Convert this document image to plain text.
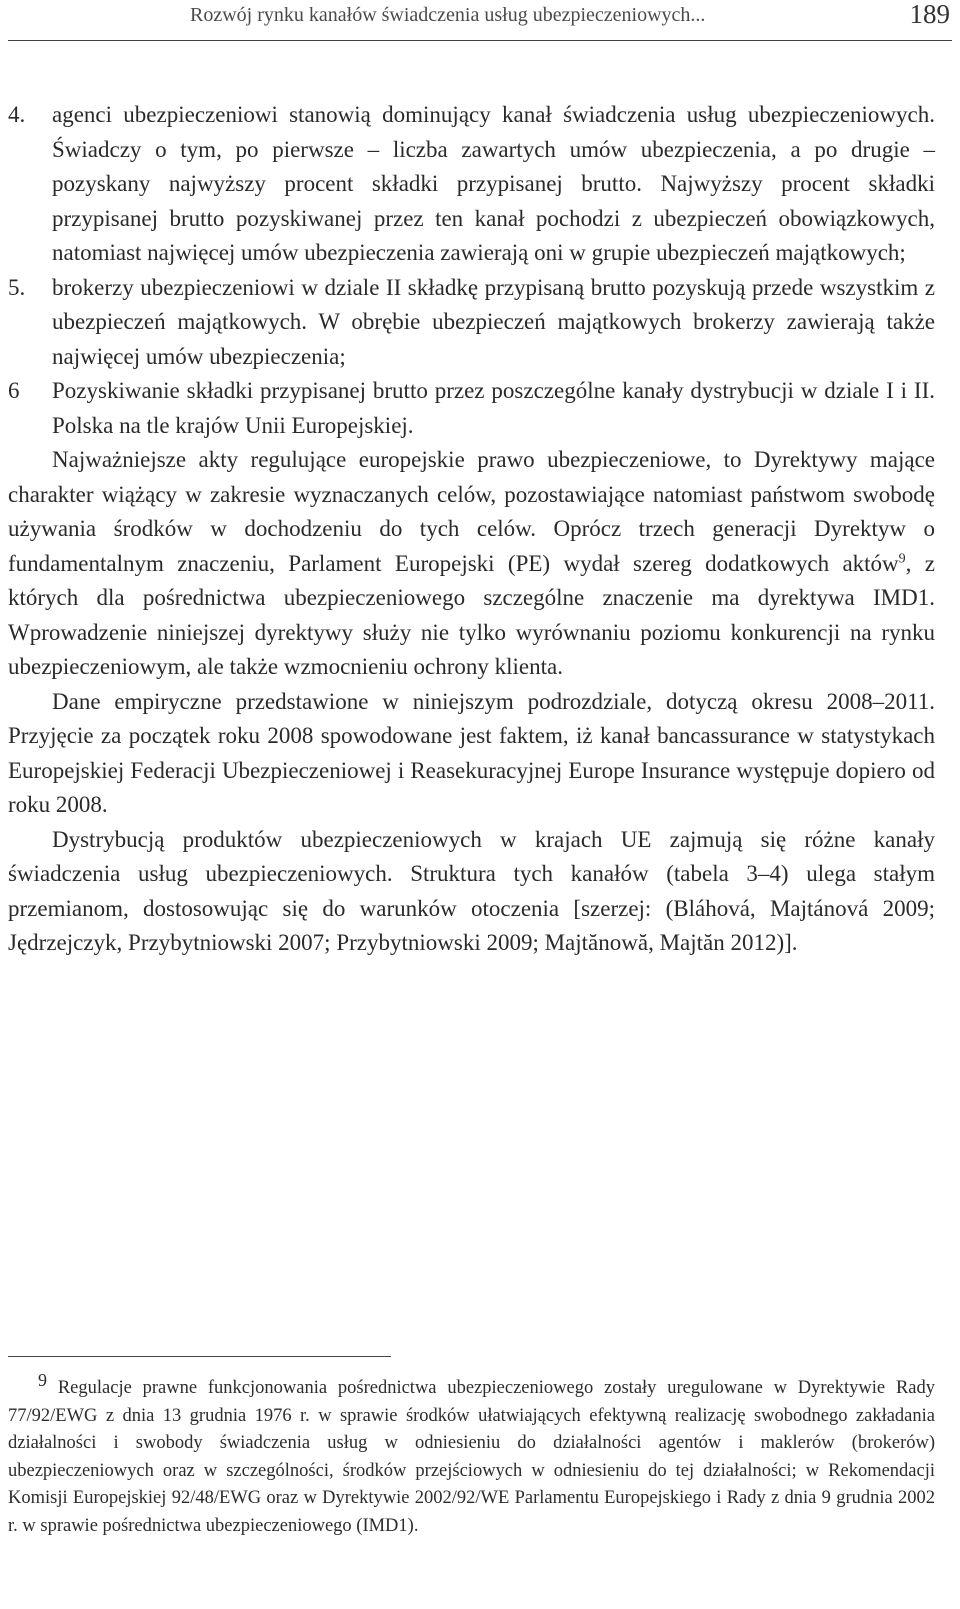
Rozwój rynku kanałów świadczenia usług ubezpieczeniowych...	189
4. agenci ubezpieczeniowi stanowią dominujący kanał świadczenia usług ubezpieczeniowych. Świadczy o tym, po pierwsze – liczba zawartych umów ubezpieczenia, a po drugie – pozyskany najwyższy procent składki przypisanej brutto. Najwyższy procent składki przypisanej brutto pozyskiwanej przez ten kanał pochodzi z ubezpieczeń obowiązkowych, natomiast najwięcej umów ubezpieczenia zawierają oni w grupie ubezpieczeń majątkowych;
5. brokerzy ubezpieczeniowi w dziale II składkę przypisaną brutto pozyskują przede wszystkim z ubezpieczeń majątkowych. W obrębie ubezpieczeń majątkowych brokerzy zawierają także najwięcej umów ubezpieczenia;
6 Pozyskiwanie składki przypisanej brutto przez poszczególne kanały dystrybucji w dziale I i II. Polska na tle krajów Unii Europejskiej.
Najważniejsze akty regulujące europejskie prawo ubezpieczeniowe, to Dyrektywy mające charakter wiążący w zakresie wyznaczanych celów, pozostawiające natomiast państwom swobodę używania środków w dochodzeniu do tych celów. Oprócz trzech generacji Dyrektyw o fundamentalnym znaczeniu, Parlament Europejski (PE) wydał szereg dodatkowych aktów$^9$, z których dla pośrednictwa ubezpieczeniowego szczególne znaczenie ma dyrektywa IMD1. Wprowadzenie niniejszej dyrektywy służy nie tylko wyrównaniu poziomu konkurencji na rynku ubezpieczeniowym, ale także wzmocnieniu ochrony klienta.
Dane empiryczne przedstawione w niniejszym podrozdziale, dotyczą okresu 2008–2011. Przyjęcie za początek roku 2008 spowodowane jest faktem, iż kanał bancassurance w statystykach Europejskiej Federacji Ubezpieczeniowej i Reasekuracyjnej Europe Insurance występuje dopiero od roku 2008.
Dystrybucją produktów ubezpieczeniowych w krajach UE zajmują się różne kanały świadczenia usług ubezpieczeniowych. Struktura tych kanałów (tabela 3–4) ulega stałym przemianom, dostosowując się do warunków otoczenia [szerzej: (Bláhová, Majtánová 2009; Jędrzejczyk, Przybytniowski 2007; Przybytniowski 2009; Majtănowă, Majtăn 2012)].
$^9$ Regulacje prawne funkcjonowania pośrednictwa ubezpieczeniowego zostały uregulowane w Dyrektywie Rady 77/92/EWG z dnia 13 grudnia 1976 r. w sprawie środków ułatwiających efektywną realizację swobodnego zakładania działalności i swobody świadczenia usług w odniesieniu do działalności agentów i maklerów (brokerów) ubezpieczeniowych oraz w szczególności, środków przejściowych w odniesieniu do tej działalności; w Rekomendacji Komisji Europejskiej 92/48/EWG oraz w Dyrektywie 2002/92/WE Parlamentu Europejskiego i Rady z dnia 9 grudnia 2002 r. w sprawie pośrednictwa ubezpieczeniowego (IMD1).
